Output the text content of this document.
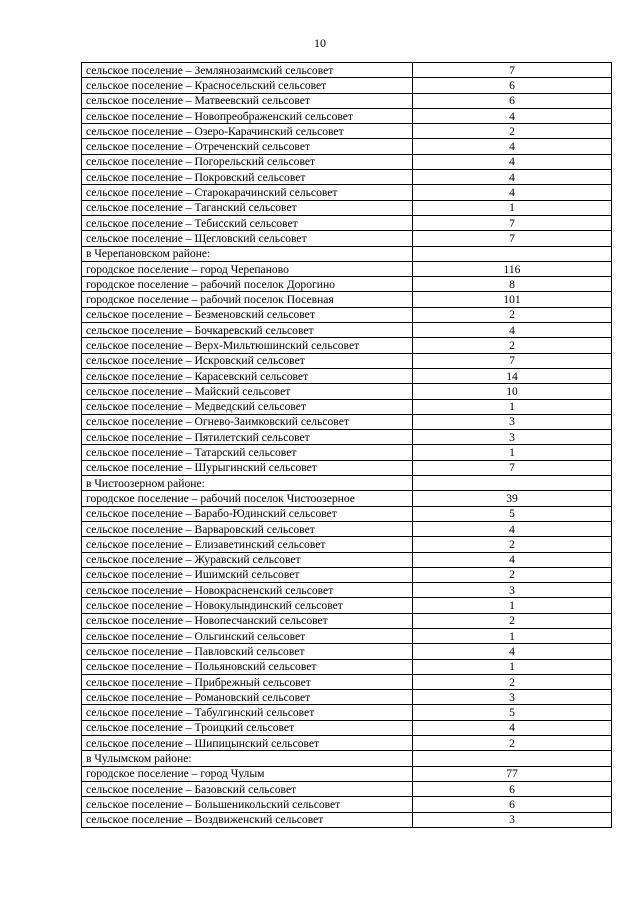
10
сельское поселение – Землянозаимский сельсовет	7
сельское поселение – Красносельский сельсовет	6
сельское поселение – Матвеевский сельсовет	6
сельское поселение – Новопреображенский сельсовет	4
сельское поселение – Озеро-Карачинский сельсовет	2
сельское поселение – Отреченский сельсовет	4
сельское поселение – Погорельский сельсовет	4
сельское поселение – Покровский сельсовет	4
сельское поселение – Старокарачинский сельсовет	4
сельское поселение – Таганский сельсовет	1
сельское поселение – Тебисский сельсовет	7
сельское поселение – Щегловский сельсовет	7
в Черепановском районе:	
городское поселение – город Черепаново	116
городское поселение – рабочий поселок Дорогино	8
городское поселение – рабочий поселок Посевная	101
сельское поселение – Безменовский сельсовет	2
сельское поселение – Бочкаревский сельсовет	4
сельское поселение – Верх-Мильтюшинский сельсовет	2
сельское поселение – Искровский сельсовет	7
сельское поселение – Карасевский сельсовет	14
сельское поселение – Майский сельсовет	10
сельское поселение – Медведский сельсовет	1
сельское поселение – Огнево-Заимковский сельсовет	3
сельское поселение – Пятилетский сельсовет	3
сельское поселение – Татарский сельсовет	1
сельское поселение – Шурыгинский сельсовет	7
в Чистоозерном районе:	
городское поселение – рабочий поселок Чистоозерное	39
сельское поселение – Барабо-Юдинский сельсовет	5
сельское поселение – Варваровский сельсовет	4
сельское поселение – Елизаветинский сельсовет	2
сельское поселение – Журавский сельсовет	4
сельское поселение – Ишимский сельсовет	2
сельское поселение – Новокрасненский сельсовет	3
сельское поселение – Новокулындинский сельсовет	1
сельское поселение – Новопесчанский сельсовет	2
сельское поселение – Ольгинский сельсовет	1
сельское поселение – Павловский сельсовет	4
сельское поселение – Польяновский сельсовет	1
сельское поселение – Прибрежный сельсовет	2
сельское поселение – Романовский сельсовет	3
сельское поселение – Табулгинский сельсовет	5
сельское поселение – Троицкий сельсовет	4
сельское поселение – Шипицынский сельсовет	2
в Чулымском районе:	
городское поселение – город Чулым	77
сельское поселение – Базовский сельсовет	6
сельское поселение – Большеникольский сельсовет	6
сельское поселение – Воздвиженский сельсовет	3
